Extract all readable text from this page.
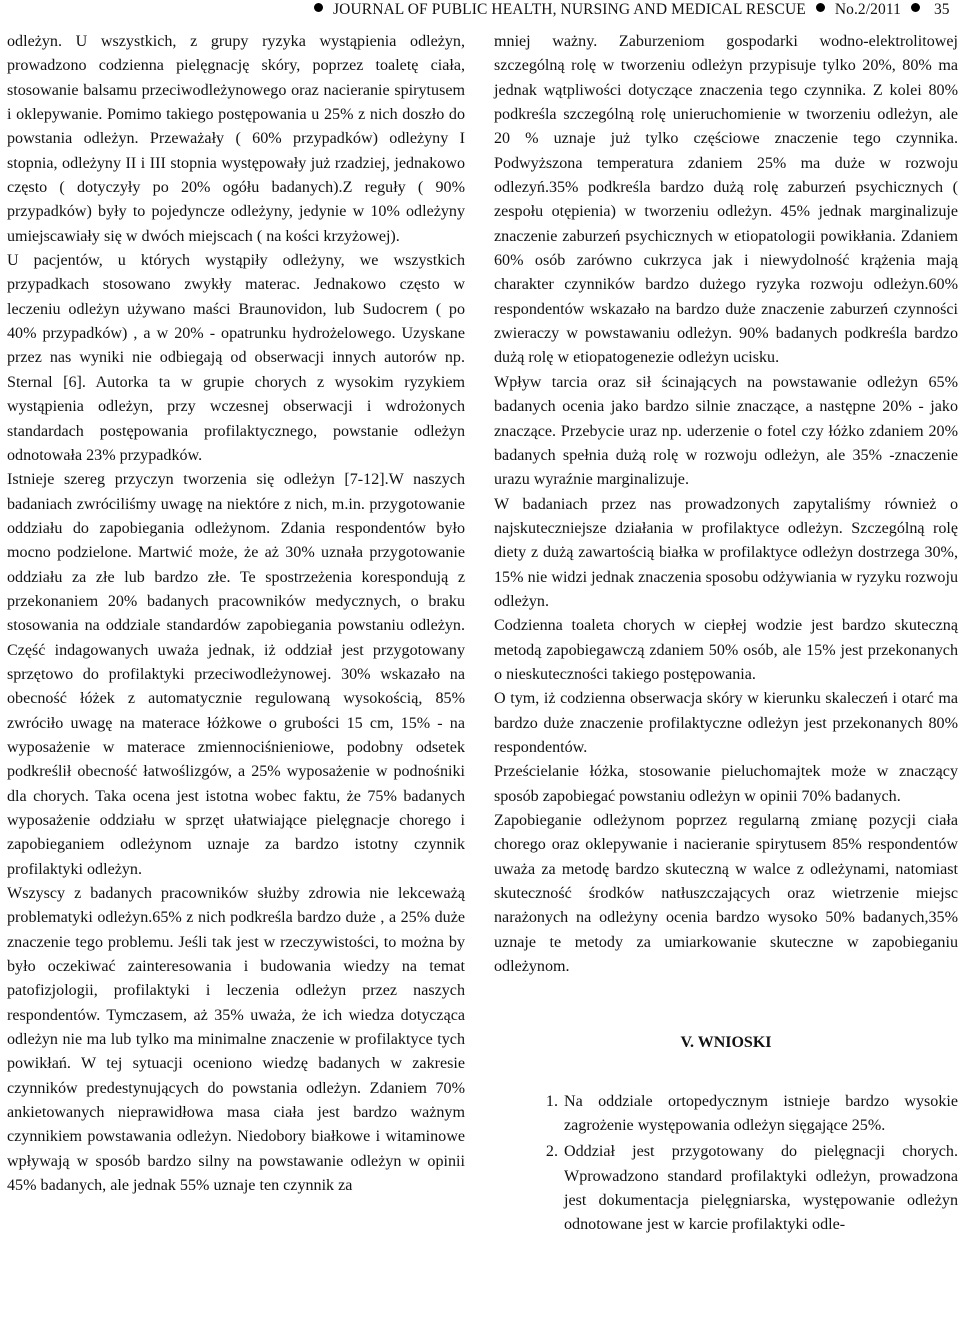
JOURNAL OF PUBLIC HEALTH, NURSING AND MEDICAL RESCUE No.2/2011	35

odleżyn. U wszystkich, z grupy ryzyka wystąpienia odleżyn, prowadzono codzienna pielęgnację skóry, poprzez toaletę ciała, stosowanie balsamu przeciwodleżynowego oraz nacieranie spirytusem i oklepywanie. Pomimo takiego postępowania u 25% z nich doszło do powstania odleżyn. Przeważały ( 60% przypadków) odleżyny I stopnia, odleżyny II i III stopnia występowały już rzadziej, jednakowo często ( dotyczyły po 20% ogółu badanych).Z reguły ( 90% przypadków) były to pojedyncze odleżyny, jedynie w 10% odleżyny umiejscawiały się w dwóch miejscach ( na kości krzyżowej).

U pacjentów, u których wystąpiły odleżyny, we wszystkich przypadkach stosowano zwykły materac. Jednakowo często w leczeniu odleżyn używano maści Braunovidon, lub Sudocrem ( po 40% przypadków) , a w 20% - opatrunku hydrożelowego. Uzyskane przez nas wyniki nie odbiegają od obserwacji innych autorów np. Sternal [6]. Autorka ta w grupie chorych z wysokim ryzykiem wystąpienia odleżyn, przy wczesnej obserwacji i wdrożonych standardach postępowania profilaktycznego, powstanie odleżyn odnotowała 23% przypadków.

Istnieje szereg przyczyn tworzenia się odleżyn [7-12].W naszych badaniach zwróciliśmy uwagę na niektóre z nich, m.in. przygotowanie oddziału do zapobiegania odleżynom. Zdania respondentów było mocno podzielone. Martwić może, że aż 30% uznała przygotowanie oddziału za złe lub bardzo złe. Te spostrzeżenia korespondują z przekonaniem 20% badanych pracowników medycznych, o braku stosowania na oddziale standardów zapobiegania powstaniu odleżyn. Część indagowanych uważa jednak, iż oddział jest przygotowany sprzętowo do profilaktyki przeciwodleżynowej. 30% wskazało na obecność łóżek z automatycznie regulowaną wysokością, 85% zwróciło uwagę na materace łóżkowe o grubości 15 cm, 15% - na wyposażenie w materace zmiennociśnieniowe, podobny odsetek podkreślił obecność łatwoślizgów, a 25% wyposażenie w podnośniki dla chorych. Taka ocena jest istotna wobec faktu, że 75% badanych wyposażenie oddziału w sprzęt ułatwiające pielęgnacje chorego i zapobieganiem odleżynom uznaje za bardzo istotny czynnik profilaktyki odleżyn.

Wszyscy z badanych pracowników służby zdrowia nie lekceważą problematyki odleżyn.65% z nich podkreśla bardzo duże , a 25% duże znaczenie tego problemu. Jeśli tak jest w rzeczywistości, to można by było oczekiwać zainteresowania i budowania wiedzy na temat patofizjologii, profilaktyki i leczenia odleżyn przez naszych respondentów. Tymczasem, aż 35% uważa, że ich wiedza dotycząca odleżyn nie ma lub tylko ma minimalne znaczenie w profilaktyce tych powikłań. W tej sytuacji oceniono wiedzę badanych w zakresie czynników predestynujących do powstania odleżyn. Zdaniem 70% ankietowanych nieprawidłowa masa ciała jest bardzo ważnym czynnikiem powstawania odleżyn. Niedobory białkowe i witaminowe wpływają w sposób bardzo silny na powstawanie odleżyn w opinii 45% badanych, ale jednak 55% uznaje ten czynnik za

mniej ważny. Zaburzeniom gospodarki wodno-elektrolitowej szczególną rolę w tworzeniu odleżyn przypisuje tylko 20%, 80% ma jednak wątpliwości dotyczące znaczenia tego czynnika. Z kolei 80% podkreśla szczególną rolę unieruchomienie w tworzeniu odleżyn, ale 20 % uznaje już tylko częściowe znaczenie tego czynnika. Podwyższona temperatura zdaniem 25% ma duże w rozwoju odlezyń.35% podkreśla bardzo dużą rolę zaburzeń psychicznych ( zespołu otępienia) w tworzeniu odleżyn. 45% jednak marginalizuje znaczenie zaburzeń psychicznych w etiopatologii powikłania. Zdaniem 60% osób zarówno cukrzyca jak i niewydolność krążenia mają charakter czynników bardzo dużego ryzyka rozwoju odleżyn.60% respondentów wskazało na bardzo duże znaczenie zaburzeń czynności zwieraczy w powstawaniu odleżyn. 90% badanych podkreśla bardzo dużą rolę w etiopatogenezie odleżyn ucisku.

Wpływ tarcia oraz sił ścinających na powstawanie odleżyn 65% badanych ocenia jako bardzo silnie znaczące, a następne 20% - jako znaczące. Przebycie uraz np. uderzenie o fotel czy łóżko zdaniem 20% badanych spełnia dużą rolę w rozwoju odleżyn, ale 35% -znaczenie urazu wyraźnie marginalizuje.

W badaniach przez nas prowadzonych zapytaliśmy również o najskuteczniejsze działania w profilaktyce odleżyn. Szczególną rolę diety z dużą zawartością białka w profilaktyce odleżyn dostrzega 30%, 15% nie widzi jednak znaczenia sposobu odżywiania w ryzyku rozwoju odleżyn.

Codzienna toaleta chorych w ciepłej wodzie jest bardzo skuteczną metodą zapobiegawczą zdaniem 50% osób, ale 15% jest przekonanych o nieskuteczności takiego postępowania.

O tym, iż codzienna obserwacja skóry w kierunku skaleczeń i otarć ma bardzo duże znaczenie profilaktyczne odleżyn jest przekonanych 80% respondentów.

Prześcielanie łóżka, stosowanie pieluchomajtek może w znaczący sposób zapobiegać powstaniu odleżyn w opinii 70% badanych.

Zapobieganie odleżynom poprzez regularną zmianę pozycji ciała chorego oraz oklepywanie i nacieranie spirytusem 85% respondentów uważa za metodę bardzo skuteczną w walce z odleżynami, natomiast skuteczność środków natłuszczających oraz wietrzenie miejsc narażonych na odleżyny ocenia bardzo wysoko 50% badanych,35% uznaje te metody za umiarkowanie skuteczne w zapobieganiu odleżynom.

V. WNIOSKI

1. Na oddziale ortopedycznym istnieje bardzo wysokie zagrożenie występowania odleżyn sięgające 25%.
2. Oddział jest przygotowany do pielęgnacji chorych. Wprowadzono standard profilaktyki odleżyn, prowadzona jest dokumentacja pielęgniarska, występowanie odleżyn odnotowane jest w karcie profilaktyki odle-
